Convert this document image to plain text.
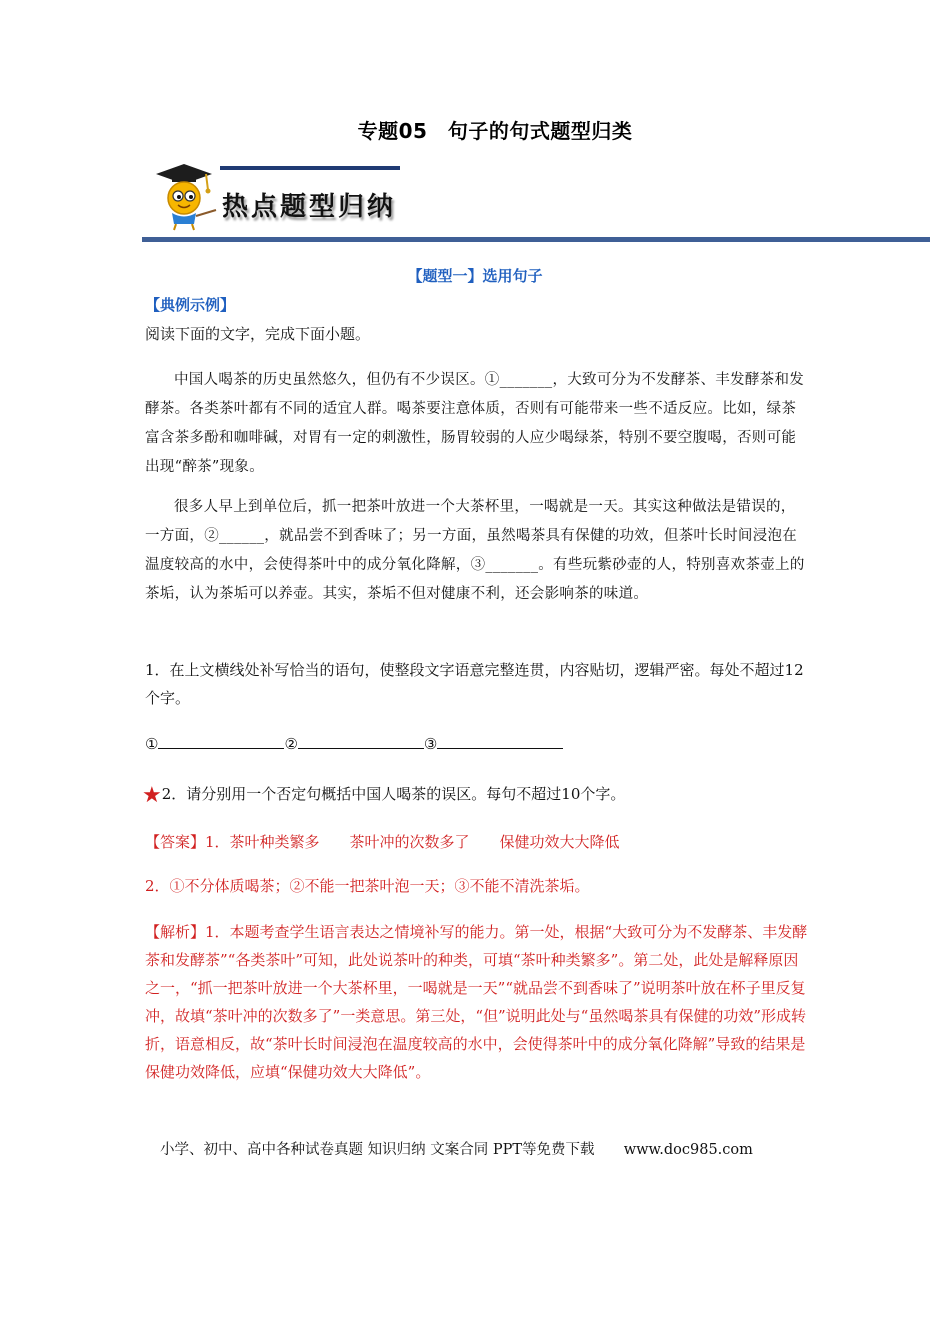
专题05　句子的句式题型归类
热点题型归纳
【题型一】选用句子
【典例示例】
阅读下面的文字，完成下面小题。
中国人喝茶的历史虽然悠久，但仍有不少误区。①_______，大致可分为不发酵茶、丰发酵茶和发酵茶。各类茶叶都有不同的适宜人群。喝茶要注意体质，否则有可能带来一些不适反应。比如，绿茶富含茶多酚和咖啡碱，对胃有一定的刺激性，肠胃较弱的人应少喝绿茶，特别不要空腹喝，否则可能出现“醉茶”现象。
很多人早上到单位后，抓一把茶叶放进一个大茶杯里，一喝就是一天。其实这种做法是错误的，一方面，②______，就品尝不到香味了；另一方面，虽然喝茶具有保健的功效，但茶叶长时间浸泡在温度较高的水中，会使得茶叶中的成分氧化降解，③_______。有些玩紫砂壶的人，特别喜欢茶壶上的茶垢，认为茶垢可以养壶。其实，茶垢不但对健康不利，还会影响茶的味道。
1．在上文横线处补写恰当的语句，使整段文字语意完整连贯，内容贴切，逻辑严密。每处不超过12个字。
①	②	③
★2．请分别用一个否定句概括中国人喝茶的误区。每句不超过10个字。
【答案】1．茶叶种类繁多　　茶叶冲的次数多了　　保健功效大大降低
2．①不分体质喝茶；②不能一把茶叶泡一天；③不能不清洗茶垢。
【解析】1．本题考查学生语言表达之情境补写的能力。第一处，根据“大致可分为不发酵茶、丰发酵茶和发酵茶”“各类茶叶”可知，此处说茶叶的种类，可填“茶叶种类繁多”。第二处，此处是解释原因之一，“抓一把茶叶放进一个大茶杯里，一喝就是一天”“就品尝不到香味了”说明茶叶放在杯子里反复冲，故填“茶叶冲的次数多了”一类意思。第三处，“但”说明此处与“虽然喝茶具有保健的功效”形成转折，语意相反，故“茶叶长时间浸泡在温度较高的水中，会使得茶叶中的成分氧化降解”导致的结果是保健功效降低，应填“保健功效大大降低”。
小学、初中、高中各种试卷真题 知识归纳 文案合同 PPT等免费下载 www.doc985.com
